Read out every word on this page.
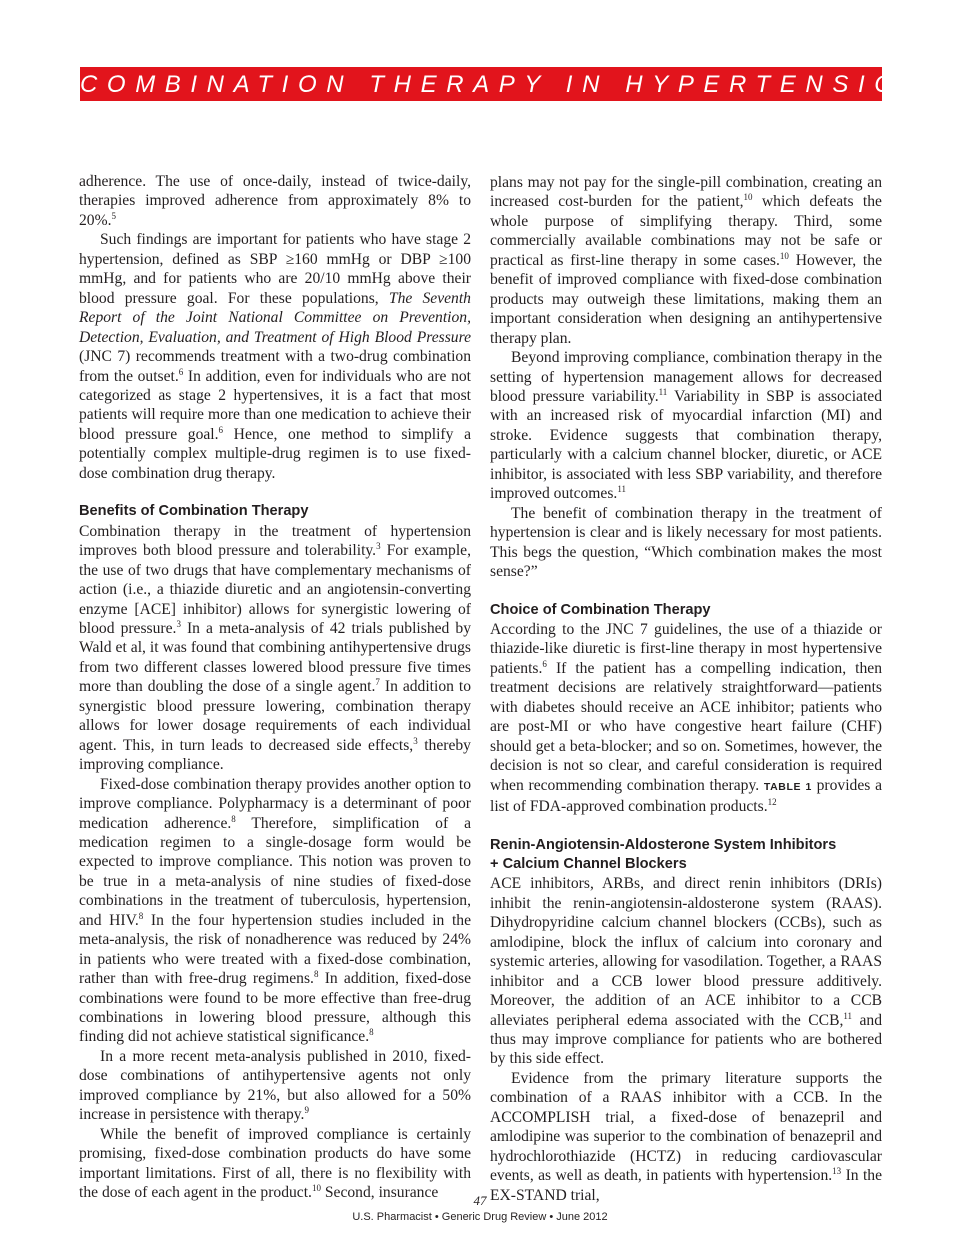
COMBINATION THERAPY IN HYPERTENSION

adherence. The use of once-daily, instead of twice-daily, therapies improved adherence from approximately 8% to 20%.$^5$

Such findings are important for patients who have stage 2 hypertension, defined as SBP ≥160 mmHg or DBP ≥100 mmHg, and for patients who are 20/10 mmHg above their blood pressure goal. For these populations, The Seventh Report of the Joint National Committee on Prevention, Detection, Evaluation, and Treatment of High Blood Pressure (JNC 7) recommends treatment with a two-drug combination from the outset.$^6$ In addition, even for individuals who are not categorized as stage 2 hypertensives, it is a fact that most patients will require more than one medication to achieve their blood pressure goal.$^6$ Hence, one method to simplify a potentially complex multiple-drug regimen is to use fixed-dose combination drug therapy.

Benefits of Combination Therapy

Combination therapy in the treatment of hypertension improves both blood pressure and tolerability.$^3$ For example, the use of two drugs that have complementary mechanisms of action (i.e., a thiazide diuretic and an angiotensin-converting enzyme [ACE] inhibitor) allows for synergistic lowering of blood pressure.$^3$ In a meta-analysis of 42 trials published by Wald et al, it was found that combining antihypertensive drugs from two different classes lowered blood pressure five times more than doubling the dose of a single agent.$^7$ In addition to synergistic blood pressure lowering, combination therapy allows for lower dosage requirements of each individual agent. This, in turn leads to decreased side effects,$^3$ thereby improving compliance.

Fixed-dose combination therapy provides another option to improve compliance. Polypharmacy is a determinant of poor medication adherence.$^8$ Therefore, simplification of a medication regimen to a single-dosage form would be expected to improve compliance. This notion was proven to be true in a meta-analysis of nine studies of fixed-dose combinations in the treatment of tuberculosis, hypertension, and HIV.$^8$ In the four hypertension studies included in the meta-analysis, the risk of nonadherence was reduced by 24% in patients who were treated with a fixed-dose combination, rather than with free-drug regimens.$^8$ In addition, fixed-dose combinations were found to be more effective than free-drug combinations in lowering blood pressure, although this finding did not achieve statistical significance.$^8$

In a more recent meta-analysis published in 2010, fixed-dose combinations of antihypertensive agents not only improved compliance by 21%, but also allowed for a 50% increase in persistence with therapy.$^9$

While the benefit of improved compliance is certainly promising, fixed-dose combination products do have some important limitations. First of all, there is no flexibility with the dose of each agent in the product.$^{10}$ Second, insurance

plans may not pay for the single-pill combination, creating an increased cost-burden for the patient,$^{10}$ which defeats the whole purpose of simplifying therapy. Third, some commercially available combinations may not be safe or practical as first-line therapy in some cases.$^{10}$ However, the benefit of improved compliance with fixed-dose combination products may outweigh these limitations, making them an important consideration when designing an antihypertensive therapy plan.

Beyond improving compliance, combination therapy in the setting of hypertension management allows for decreased blood pressure variability.$^{11}$ Variability in SBP is associated with an increased risk of myocardial infarction (MI) and stroke. Evidence suggests that combination therapy, particularly with a calcium channel blocker, diuretic, or ACE inhibitor, is associated with less SBP variability, and therefore improved outcomes.$^{11}$

The benefit of combination therapy in the treatment of hypertension is clear and is likely necessary for most patients. This begs the question, “Which combination makes the most sense?”

Choice of Combination Therapy

According to the JNC 7 guidelines, the use of a thiazide or thiazide-like diuretic is first-line therapy in most hypertensive patients.$^6$ If the patient has a compelling indication, then treatment decisions are relatively straightforward—patients with diabetes should receive an ACE inhibitor; patients who are post-MI or who have congestive heart failure (CHF) should get a beta-blocker; and so on. Sometimes, however, the decision is not so clear, and careful consideration is required when recommending combination therapy. TABLE 1 provides a list of FDA-approved combination products.$^{12}$

Renin-Angiotensin-Aldosterone System Inhibitors
+ Calcium Channel Blockers

ACE inhibitors, ARBs, and direct renin inhibitors (DRIs) inhibit the renin-angiotensin-aldosterone system (RAAS). Dihydropyridine calcium channel blockers (CCBs), such as amlodipine, block the influx of calcium into coronary and systemic arteries, allowing for vasodilation. Together, a RAAS inhibitor and a CCB lower blood pressure additively. Moreover, the addition of an ACE inhibitor to a CCB alleviates peripheral edema associated with the CCB,$^{11}$ and thus may improve compliance for patients who are bothered by this side effect.

Evidence from the primary literature supports the combination of a RAAS inhibitor with a CCB. In the ACCOMPLISH trial, a fixed-dose of benazepril and amlodipine was superior to the combination of benazepril and hydrochlorothiazide (HCTZ) in reducing cardiovascular events, as well as death, in patients with hypertension.$^{13}$ In the EX-STAND trial,

47
U.S. Pharmacist • Generic Drug Review • June 2012
